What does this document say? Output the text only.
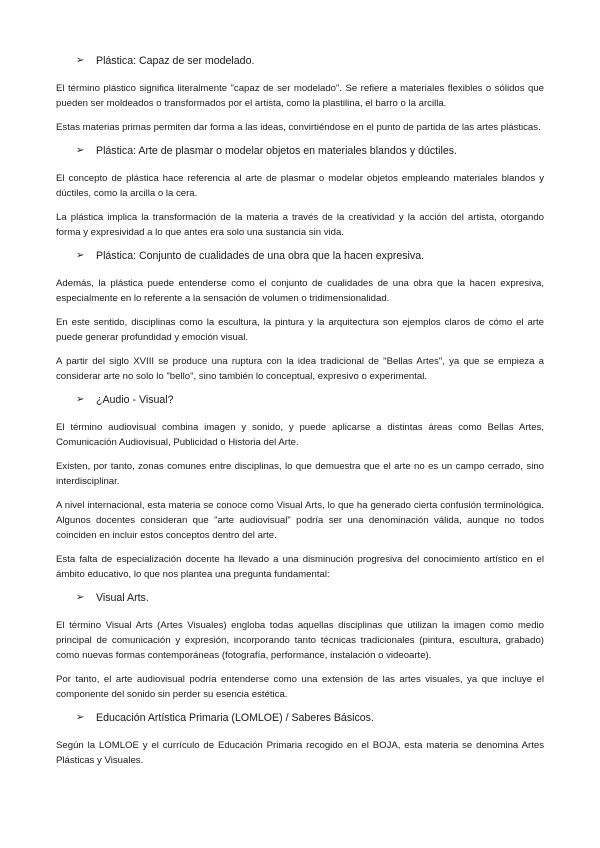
➢	Plástica: Capaz de ser modelado.

El término plástico significa literalmente "capaz de ser modelado". Se refiere a materiales flexibles o sólidos que pueden ser moldeados o transformados por el artista, como la plastilina, el barro o la arcilla.

Estas materias primas permiten dar forma a las ideas, convirtiéndose en el punto de partida de las artes plásticas.

➢	Plástica: Arte de plasmar o modelar objetos en materiales blandos y dúctiles.

El concepto de plástica hace referencia al arte de plasmar o modelar objetos empleando materiales blandos y dúctiles, como la arcilla o la cera.

La plástica implica la transformación de la materia a través de la creatividad y la acción del artista, otorgando forma y expresividad a lo que antes era solo una sustancia sin vida.

➢	Plástica: Conjunto de cualidades de una obra que la hacen expresiva.

Además, la plástica puede entenderse como el conjunto de cualidades de una obra que la hacen expresiva, especialmente en lo referente a la sensación de volumen o tridimensionalidad.

En este sentido, disciplinas como la escultura, la pintura y la arquitectura son ejemplos claros de cómo el arte puede generar profundidad y emoción visual.

A partir del siglo XVIII se produce una ruptura con la idea tradicional de "Bellas Artes", ya que se empieza a considerar arte no solo lo "bello", sino también lo conceptual, expresivo o experimental.

➢	¿Audio - Visual?

El término audiovisual combina imagen y sonido, y puede aplicarse a distintas áreas como Bellas Artes, Comunicación Audiovisual, Publicidad o Historia del Arte.

Existen, por tanto, zonas comunes entre disciplinas, lo que demuestra que el arte no es un campo cerrado, sino interdisciplinar.

A nivel internacional, esta materia se conoce como Visual Arts, lo que ha generado cierta confusión terminológica. Algunos docentes consideran que "arte audiovisual" podría ser una denominación válida, aunque no todos coinciden en incluir estos conceptos dentro del arte.

Esta falta de especialización docente ha llevado a una disminución progresiva del conocimiento artístico en el ámbito educativo, lo que nos plantea una pregunta fundamental:

➢	Visual Arts.

El término Visual Arts (Artes Visuales) engloba todas aquellas disciplinas que utilizan la imagen como medio principal de comunicación y expresión, incorporando tanto técnicas tradicionales (pintura, escultura, grabado) como nuevas formas contemporáneas (fotografía, performance, instalación o videoarte).

Por tanto, el arte audiovisual podría entenderse como una extensión de las artes visuales, ya que incluye el componente del sonido sin perder su esencia estética.

➢	Educación Artística Primaria (LOMLOE) / Saberes Básicos.

Según la LOMLOE y el currículo de Educación Primaria recogido en el BOJA, esta materia se denomina Artes Plásticas y Visuales.
